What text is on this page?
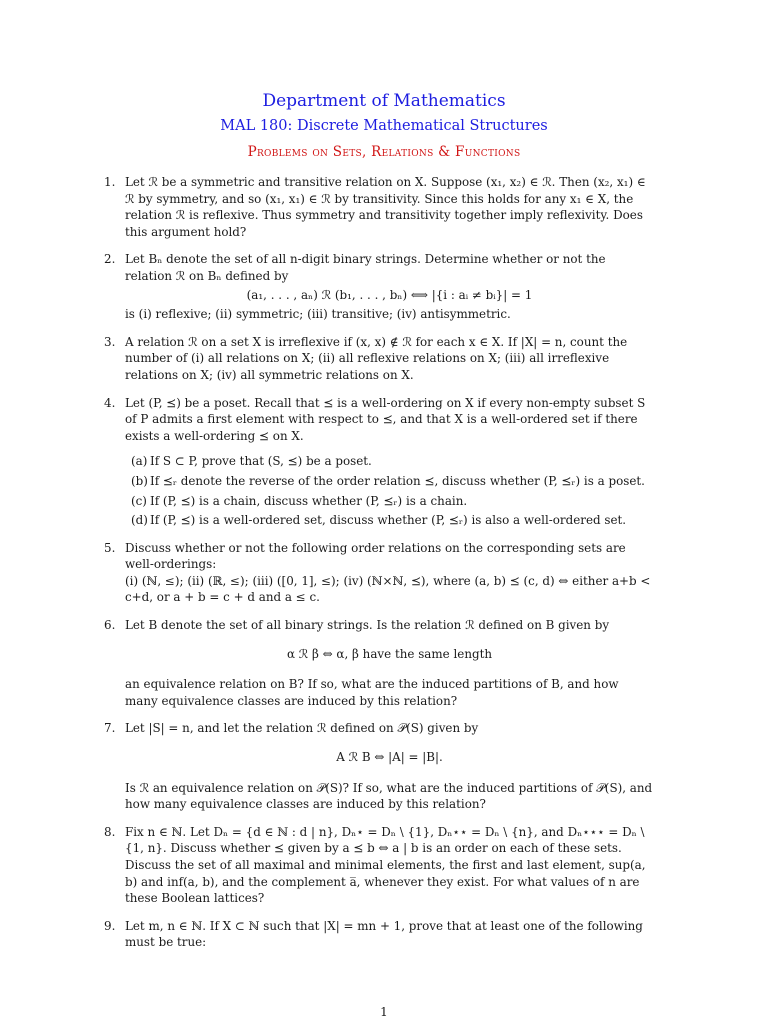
Department of Mathematics
MAL 180: Discrete Mathematical Structures
Problems on Sets, Relations & Functions
1. Let ℛ be a symmetric and transitive relation on X. Suppose (x₁, x₂) ∈ ℛ. Then (x₂, x₁) ∈ ℛ by symmetry, and so (x₁, x₁) ∈ ℛ by transitivity. Since this holds for any x₁ ∈ X, the relation ℛ is reflexive. Thus symmetry and transitivity together imply reflexivity. Does this argument hold?

2. Let Bₙ denote the set of all n-digit binary strings. Determine whether or not the relation ℛ on Bₙ defined by

(a₁, . . . , aₙ) ℛ (b₁, . . . , bₙ) ⟺ |{i : aᵢ ≠ bᵢ}| = 1

is (i) reflexive; (ii) symmetric; (iii) transitive; (iv) antisymmetric.

3. A relation ℛ on a set X is irreflexive if (x, x) ∉ ℛ for each x ∈ X. If |X| = n, count the number of (i) all relations on X; (ii) all reflexive relations on X; (iii) all irreflexive relations on X; (iv) all symmetric relations on X.

4. Let (P, ⪯) be a poset. Recall that ⪯ is a well-ordering on X if every non-empty subset S of P admits a first element with respect to ⪯, and that X is a well-ordered set if there exists a well-ordering ⪯ on X.

(a) If S ⊂ P, prove that (S, ⪯) be a poset.
(b) If ⪯ᵣ denote the reverse of the order relation ⪯, discuss whether (P, ⪯ᵣ) is a poset.
(c) If (P, ⪯) is a chain, discuss whether (P, ⪯ᵣ) is a chain.
(d) If (P, ⪯) is a well-ordered set, discuss whether (P, ⪯ᵣ) is also a well-ordered set.
5. Discuss whether or not the following order relations on the corresponding sets are well-orderings:

(i) (ℕ, ≤); (ii) (ℝ, ≤); (iii) ([0, 1], ≤); (iv) (ℕ×ℕ, ⪯), where (a, b) ⪯ (c, d) ⇔ either a+b < c+d, or a + b = c + d and a ≤ c.

6. Let B denote the set of all binary strings. Is the relation ℛ defined on B given by

α ℛ β ⇔ α, β have the same length

an equivalence relation on B? If so, what are the induced partitions of B, and how many equivalence classes are induced by this relation?

7. Let |S| = n, and let the relation ℛ defined on 𝒫(S) given by

A ℛ B ⇔ |A| = |B|.

Is ℛ an equivalence relation on 𝒫(S)? If so, what are the induced partitions of 𝒫(S), and how many equivalence classes are induced by this relation?

8. Fix n ∈ ℕ. Let Dₙ = {d ∈ ℕ : d | n}, Dₙ⋆ = Dₙ \ {1}, Dₙ⋆⋆ = Dₙ \ {n}, and Dₙ⋆⋆⋆ = Dₙ \ {1, n}. Discuss whether ⪯ given by a ⪯ b ⇔ a | b is an order on each of these sets. Discuss the set of all maximal and minimal elements, the first and last element, sup(a, b) and inf(a, b), and the complement a̅, whenever they exist. For what values of n are these Boolean lattices?

9. Let m, n ∈ ℕ. If X ⊂ ℕ such that |X| = mn + 1, prove that at least one of the following must be true:

1
